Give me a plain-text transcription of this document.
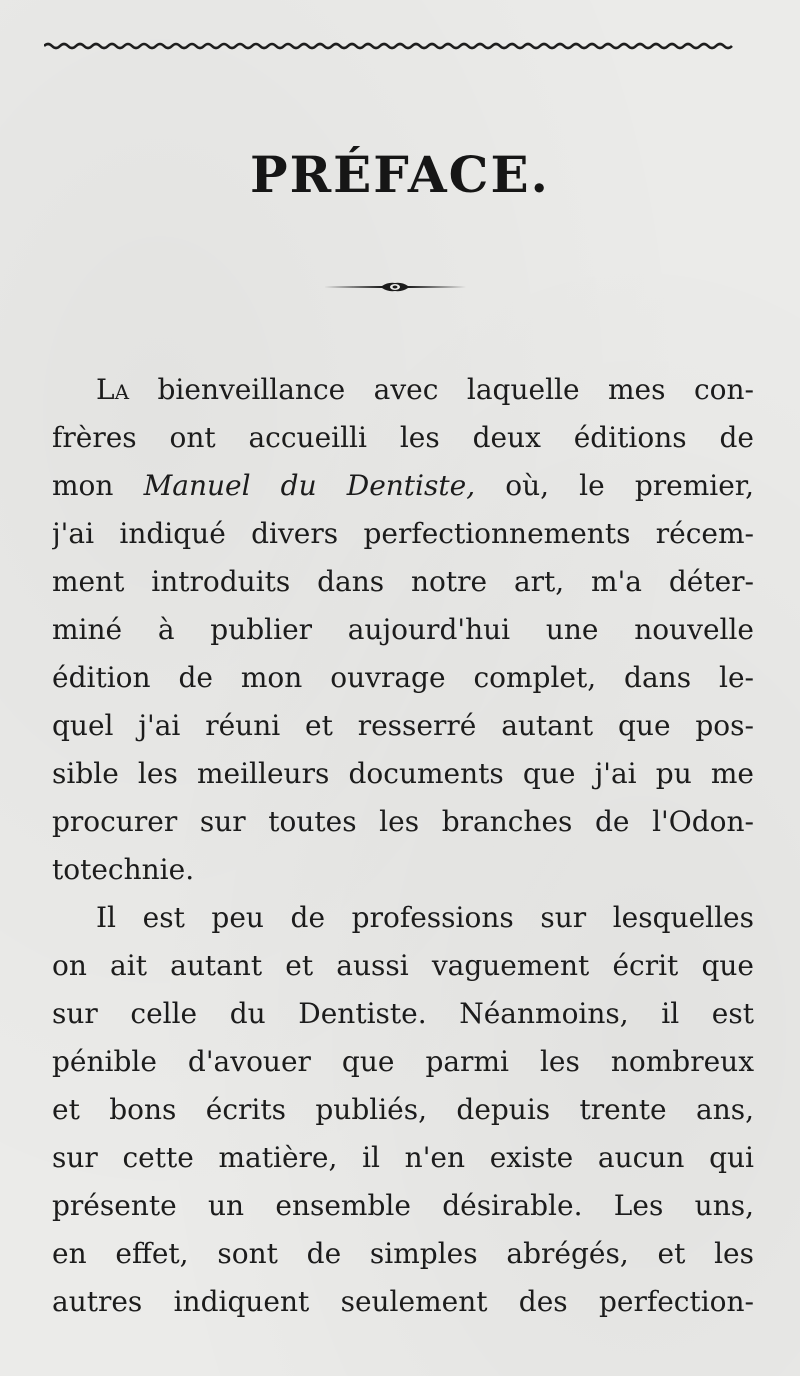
PRÉFACE.
La bienveillance avec laquelle mes con-
frères ont accueilli les deux éditions de
mon Manuel du Dentiste, où, le premier,
j'ai indiqué divers perfectionnements récem-
ment introduits dans notre art, m'a déter-
miné à publier aujourd'hui une nouvelle
édition de mon ouvrage complet, dans le-
quel j'ai réuni et resserré autant que pos-
sible les meilleurs documents que j'ai pu me
procurer sur toutes les branches de l'Odon-
totechnie.
Il est peu de professions sur lesquelles
on ait autant et aussi vaguement écrit que
sur celle du Dentiste. Néanmoins, il est
pénible d'avouer que parmi les nombreux
et bons écrits publiés, depuis trente ans,
sur cette matière, il n'en existe aucun qui
présente un ensemble désirable. Les uns,
en effet, sont de simples abrégés, et les
autres indiquent seulement des perfection-
